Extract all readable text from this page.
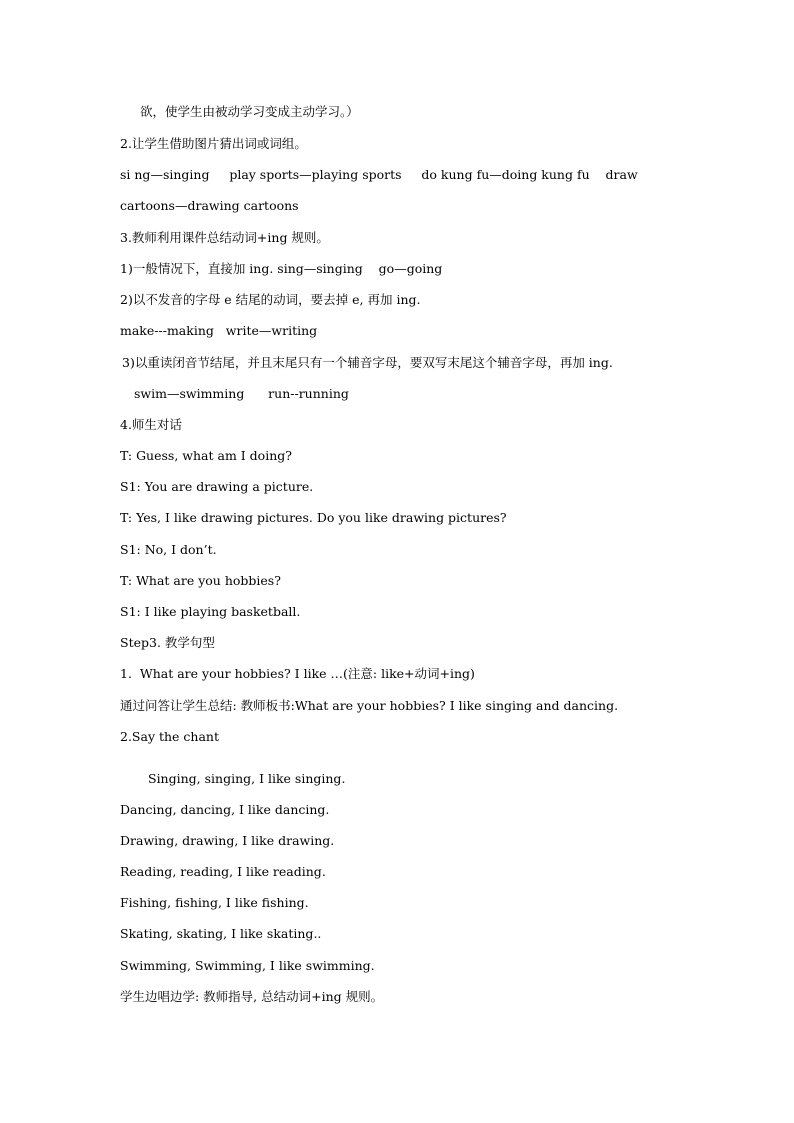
欲，使学生由被动学习变成主动学习。）
2.让学生借助图片猜出词或词组。
si ng—singing     play sports—playing sports     do kung fu—doing kung fu    draw
cartoons—drawing cartoons
3.教师利用课件总结动词+ing 规则。
1)一般情况下，直接加 ing. sing—singing    go—going
2)以不发音的字母 e 结尾的动词，要去掉 e, 再加 ing.
make---making   write—writing
3)以重读闭音节结尾，并且末尾只有一个辅音字母，要双写末尾这个辅音字母，再加 ing.
swim—swimming      run--running
4.师生对话
T: Guess, what am I doing?
S1: You are drawing a picture.
T: Yes, I like drawing pictures. Do you like drawing pictures?
S1: No, I don’t.
T: What are you hobbies?
S1: I like playing basketball.
Step3. 教学句型
1.  What are your hobbies? I like …(注意: like+动词+ing)
通过问答让学生总结: 教师板书:What are your hobbies? I like singing and dancing.
2.Say the chant
Singing, singing, I like singing.
Dancing, dancing, I like dancing.
Drawing, drawing, I like drawing.
Reading, reading, I like reading.
Fishing, fishing, I like fishing.
Skating, skating, I like skating..
Swimming, Swimming, I like swimming.
学生边唱边学: 教师指导, 总结动词+ing 规则。
